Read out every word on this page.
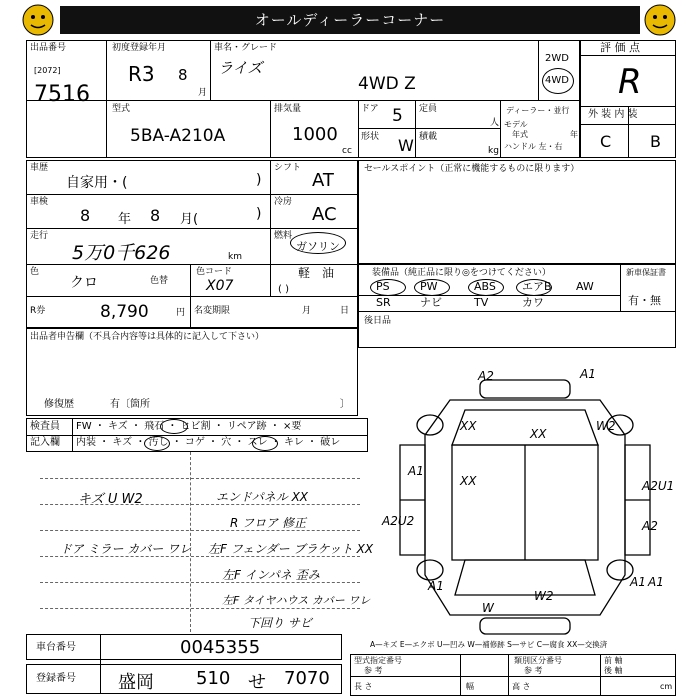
オールディーラーコーナー
出品番号
[2072]
7516
初度登録年月
R3 8
月
車名・グレード
ライズ
4WD Z
2WD
4WD
型式
5BA-A210A
排気量
1000
cc
ドア 5
形状 W
定員
人
積載
kg
ディーラー・並行
モデル
年式	年
ハンドル 左・右
評 価 点
R
外 装 内 装
C B
車歴
自家用・(	)
シフト
AT
車検
8 年 8 月(	)
冷房
AC
走行
5万0千626	km
燃料
ガソリン
軽　油
( )
色
クロ	色替
色コード
X07
R券	8,790	円 名変期限	月	日
セールスポイント（正常に機能するものに限ります）
装備品（純正品に限り◎をつけてください）	新車保証書
有・無
PS	PW	ABS エアB AW
SR	ナビ	TV	カワ
後日品
出品者申告欄（不具合内容等は具体的に記入して下さい）
修復歴	有〔箇所	〕
検査員
記入欄
FW ・ キズ ・ 飛石 ・ ヒビ割 ・ リペア跡 ・ ×要
内装 ・ キズ ・ 汚し ・ コゲ ・ 穴 ・ スレ ・ キレ ・ 破レ
キズ U W2
ドア ミラー カバー ワレ
エンドパネル XX
R フロア 修正
左F フェンダー ブラケット XX
左F インパネ 歪み
左F タイヤハウス カバー ワレ
下回り サビ
A2	A1
W2
XX
XX
XX
A1
A2U1
A2U2	A2
A1
A1
W2
A1
W
A—キズ E—エクボ U—凹み W—補修跡 S—サビ C—腐食 XX—交換済
車台番号	0045355
登録番号 盛岡 510 せ 7070
型式指定番号
参 考
類別区分番号
参 考
前 軸
後 軸
長 さ	幅	高 さ	cm
